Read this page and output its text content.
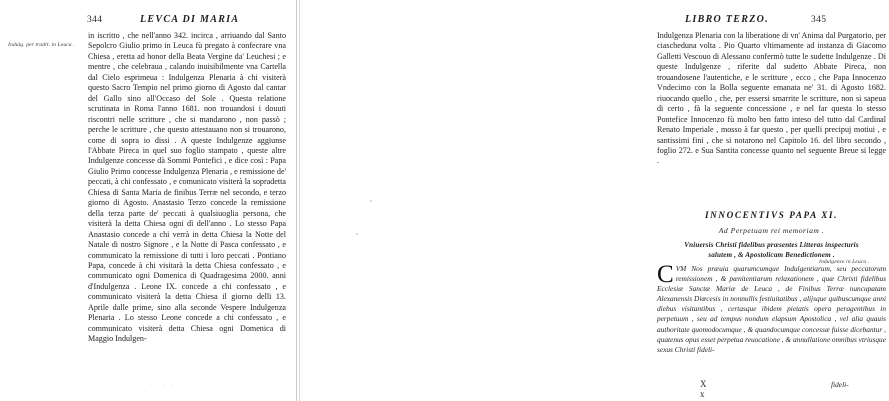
344	LEVCA DI MARIA
Indulg. per tradit. in Leuca .

in iscritto , che nell'anno 342. incirca , arriuando dal Santo Sepolcro Giulio primo in Leuca fù pregato à confecrare vna Chiesa , eretta ad honor della Beata Vergine da' Leuchesi ; e mentre , che celebraua , calando inuisibilmente vna Cartella dal Cielo esprimeua : Indulgenza Plenaria à chi visiterà questo Sacro Tempio nel primo giorno di Agosto dal cantar del Gallo sino all'Occaso del Sole . Questa relatione scrutinata in Roma l'anno 1681. non trouandosi i douuti riscontri nelle scritture , che si mandarono , non passò ; perche le scritture , che questo attestauano non si trouarono, come di sopra io dissi . A queste Indulgenze aggiunse l'Abbate Pireca in quel suo foglio stampato , queste altre Indulgenze concesse dà Sommi Pontefici , e dice così : Papa Giulio Primo concesse Indulgenza Plenaria , e remissione de' peccati, à chi confessato , e comunicato visiterà la sopradetta Chiesa di Santa Maria de finibus Terræ nel secondo, e terzo giorno di Agosto. Anastasio Terzo concede la remissione della terza parte de' peccati à qualsiuoglia persona, che visiterà la detta Chiesa ogni dì dell'anno . Lo stesso Papa Anastasio concede a chi verrà in detta Chiesa la Notte del Natale di nostro Signore , e la Notte di Pasca confessato , e communicato la remissione di tutti i loro peccati . Pontiano Papa, concede à chi visitarà la detta Chiesa confessato , e communicato ogni Domenica di Quadragesima 2000. anni d'Indulgenza . Leone IX. concede a chi confessato , e communicato visiterà la detta Chiesa il giorno delli 13. Aprile dalle prime, sino alla seconde Vespere Indulgenza Plenaria . Lo stesso Leone concede a chi confessato , e communicato visiterà detta Chiesa ogni Domenica di Maggio Indulgen-

. . . .
LIBRO TERZO.	345

Indulgenza Plenaria con la liberatione di vn' Anima dal Purgatorio, per ciascheduna volta . Pio Quarto vltimamente ad instanza di Giacomo Galletti Vescouo di Alessano confermò tutte le sudette Indulgenze . Di queste Indulgenze , riferite dal sudetto Abbate Pireca, non trouandosene l'autentiche, e le scritture , ecco , che Papa Innocenzo Vndecimo con la Bolla seguente emanata ne' 31. di Agosto 1682. riuocando quello , che, per essersi smarrite le scritture, non si sapeua di certo , fà la seguente concessione , e nel far questa lo stesso Pontefice Innocenzo fù molto ben fatto inteso del tutto dal Cardinal Renato Imperiale , mosso à far questo , per quelli precipuj motiui , e santissimi fini , che si notarono nel Capitolo 16. del libro secondo , foglio 272. e Sua Santita concesse quanto nel seguente Breue si legge .

INNOCENTIVS PAPA XI.
Ad Perpetuam rei memoriam .
Vniuersis Christi fidelibus præsentes Litteras inspecturis
salutem , & Apostolicam Benedictionem .
C VM Nos præuia quarumcumque Indulgentiarum, seu peccatorum remissionem , & pænitentiarum relaxationem , quæ Christi fidelibus Ecclesiæ Sanctæ Mariæ de Leuca , de Finibus Terræ nuncupatam Alexanensis Diœcesis in nonnullis festiuitatibus , alijsque quibuscumque anni diebus visitantibus , certasque ibidem pietatis opera peragentibus in perpetuum , seu ad tempus nondum elapsum Apostolica , vel alia quauis authoritate quomodocumque , & quandocumque concessæ fuisse dicebantur , quatenus opus esset perpetua reuocatione , & annullatione omnibus vtriusque sexus Christi fideli-

Indulgenze in Leuca .
X x
fideli-
